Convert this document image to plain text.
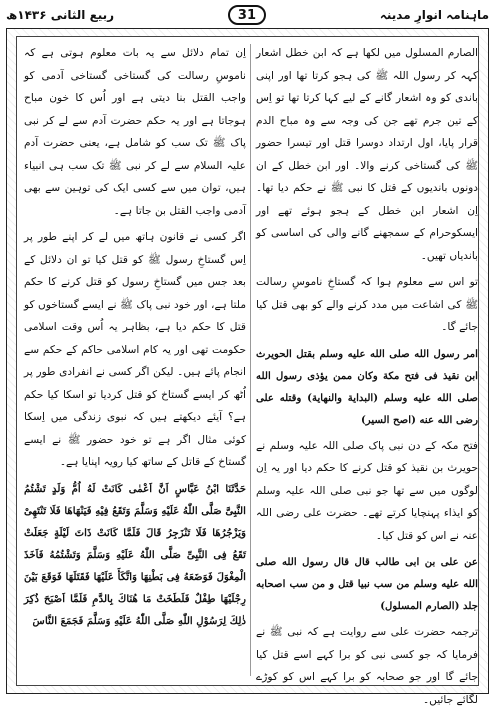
ربیع الثانی ۱۴۳۶ھ	31	ماہنامہ انوارِ مدینہ

الصارم المسلول میں لکھا ہے کہ ابن خطل اشعار کہہ کر رسول اللہ ﷺ کی ہجو کرتا تھا اور اپنی باندی کو وہ اشعار گانے کے لیے کہا کرتا تھا تو اِس کے تین جرم تھے جن کی وجہ سے وہ مباح الدم قرار پایا، اول ارتداد دوسرا قتل اور تیسرا حضور ﷺ کی گستاخی کرنے والا۔ اور ابن خطل کے ان دونوں باندیوں کے قتل کا نبی ﷺ نے حکم دیا تھا۔ اِن اشعار ابن خطل کے ہجو ہوئے تھے اور ایسکوحرام کے سمجھنے گانے والی کی اساسی کو باندیاں تھیں۔

تو اس سے معلوم ہوا کہ گستاخِ ناموسِ رسالت ﷺ کی اشاعت میں مدد کرنے والے کو بھی قتل کیا جائے گا۔

امر رسول الله صلى الله عليه وسلم بقتل الحويرث ابن نقيذ فى فتح مكة وكان ممن يؤذى رسول الله صلى الله عليه وسلم (البداية والنهاية) وقتله على رضى الله عنه (اصح السير)

فتح مکہ کے دن نبی پاک صلی اللہ علیہ وسلم نے حویرث بن نقیذ کو قتل کرنے کا حکم دیا اور یہ اِن لوگوں میں سے تھا جو نبی صلی اللہ علیہ وسلم کو ایذاء پہنچایا کرتے تھے۔ حضرت علی رضی اللہ عنہ نے اس کو قتل کیا۔

عن على بن ابى طالب قال قال رسول الله صلى الله عليه وسلم من سب نبيا قتل و من سب اصحابه جلد (الصارم المسلول)

ترجمہ حضرت علی سے روایت ہے کہ نبی ﷺ نے فرمایا کہ جو کسی نبی کو برا کہے اسے قتل کیا جائے گا اور جو صحابہ کو برا کہے اس کو کوڑے لگائے جائیں۔

اِن تمام دلائل سے یہ بات معلوم ہوتی ہے کہ ناموسِ رسالت کی گستاخی گستاخی آدمی کو واجب القتل بنا دیتی ہے اور اُس کا خون مباح ہوجاتا ہے اور یہ حکم حضرت آدم سے لے کر نبی پاک ﷺ تک سب کو شامل ہے، یعنی حضرت آدم علیہ السلام سے لے کر نبی ﷺ تک سب ہی انبیاء ہیں، توان میں سے کسی ایک کی توہین سے بھی آدمی واجب القتل بن جاتا ہے۔

اگر کسی نے قانون ہاتھ میں لے کر اپنے طور پر اِس گستاخِ رسول ﷺ کو قتل کیا تو ان دلائل کے بعد جس میں گستاخِ رسول کو قتل کرنے کا حکم ملتا ہے، اور خود نبی پاک ﷺ نے ایسے گستاخوں کو قتل کا حکم دیا ہے، بظاہر یہ اُس وقت اسلامی حکومت تھی اور یہ کام اسلامی حاکم کے حکم سے انجام پائے ہیں۔ لیکن اگر کسی نے انفرادی طور پر اُٹھ کر ایسے گستاخ کو قتل کردیا تو اسکا کیا حکم ہے؟ آیئے دیکھتے ہیں کہ نبوی زندگی میں اِسکا کوئی مثال اگر ہے تو خود حضور ﷺ نے ایسے گستاخ کے قاتل کے ساتھ کیا رویہ اپنایا ہے۔

حَدَّثَنَا ابْنُ عَبَّاسٍ اَنَّ اَعْمٰى كَانَتْ لَهُ اُمُّ وَلَدٍ تَشْتُمُ النَّبِىَّ صَلَّى اللّٰهُ عَلَيْهِ وَسَلَّمَ وَتَقَعُ فِيْهِ فَيَنْهَاهَا فَلَا تَنْتَهِىْ وَيَزْجُرُهَا فَلَا تَنْزَجِرُ قَالَ فَلَمَّا كَانَتْ ذَاتَ لَيْلَةٍ جَعَلَتْ تَقَعُ فِى النَّبِىِّ صَلَّى اللّٰهُ عَلَيْهِ وَسَلَّمَ وَتَشْتُمُهُ فَاَخَذَ الْمِغْوَلَ فَوَضَعَهُ فِى بَطْنِهَا وَاتَّكَأَ عَلَيْهَا فَقَتَلَهَا فَوَقَعَ بَيْنَ رِجْلَيْهَا طِفْلٌ فَلَطَخَتْ مَا هُنَاكَ بِالدَّمِ فَلَمَّا اَصْبَحَ ذُكِرَ ذٰلِكَ لِرَسُوْلِ اللّٰهِ صَلَّى اللّٰهُ عَلَيْهِ وَسَلَّمَ فَجَمَعَ النَّاسَ
